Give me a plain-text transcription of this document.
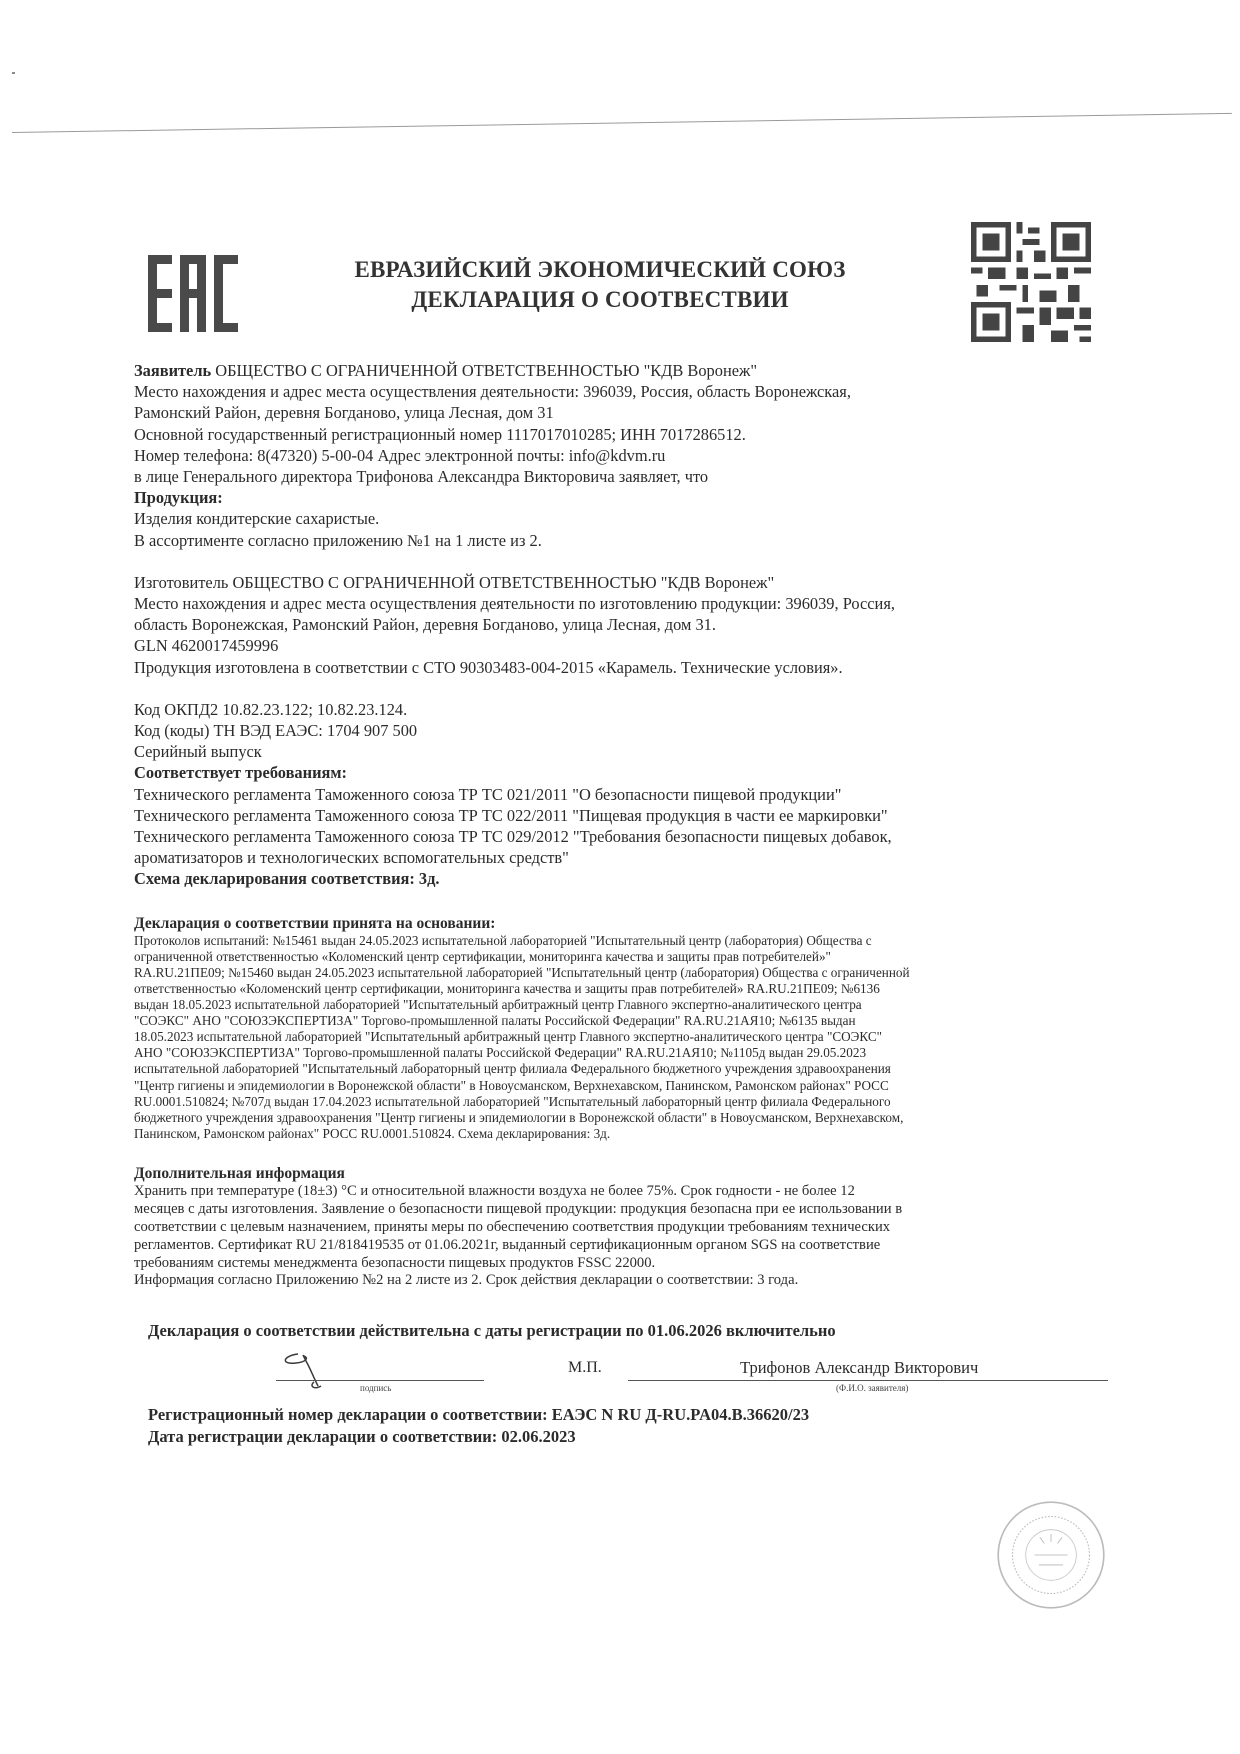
ЕВРАЗИЙСКИЙ ЭКОНОМИЧЕСКИЙ СОЮЗ
ДЕКЛАРАЦИЯ О СООТВЕСТВИИ
Заявитель ОБЩЕСТВО С ОГРАНИЧЕННОЙ ОТВЕТСТВЕННОСТЬЮ "КДВ Воронеж"
Место нахождения и адрес места осуществления деятельности: 396039, Россия, область Воронежская,
Рамонский Район, деревня Богданово, улица Лесная, дом 31
Основной государственный регистрационный номер 1117017010285; ИНН 7017286512.
Номер телефона: 8(47320) 5-00-04 Адрес электронной почты: info@kdvm.ru
в лице Генерального директора Трифонова Александра Викторовича заявляет, что
Продукция:
Изделия кондитерские сахаристые.
В ассортименте согласно приложению №1 на 1 листе из 2.
Изготовитель ОБЩЕСТВО С ОГРАНИЧЕННОЙ ОТВЕТСТВЕННОСТЬЮ "КДВ Воронеж"
Место нахождения и адрес места осуществления деятельности по изготовлению продукции: 396039, Россия,
область Воронежская, Рамонский Район, деревня Богданово, улица Лесная, дом 31.
GLN 4620017459996
Продукция изготовлена в соответствии с СТО 90303483-004-2015 «Карамель. Технические условия».
Код ОКПД2 10.82.23.122; 10.82.23.124.
Код (коды) ТН ВЭД ЕАЭС: 1704 907 500
Серийный выпуск
Соответствует требованиям:
Технического регламента Таможенного союза ТР ТС 021/2011 "О безопасности пищевой продукции"
Технического регламента Таможенного союза ТР ТС 022/2011 "Пищевая продукция в части ее маркировки"
Технического регламента Таможенного союза ТР ТС 029/2012 "Требования безопасности пищевых добавок,
ароматизаторов и технологических вспомогательных средств"
Схема декларирования соответствия: 3д.
Декларация о соответствии принята на основании:
Протоколов испытаний: №15461 выдан 24.05.2023 испытательной лабораторией "Испытательный центр (лаборатория) Общества с
ограниченной ответственностью «Коломенский центр сертификации, мониторинга качества и защиты прав потребителей»"
RA.RU.21ПЕ09; №15460 выдан 24.05.2023 испытательной лабораторией "Испытательный центр (лаборатория) Общества с ограниченной
ответственностью «Коломенский центр сертификации, мониторинга качества и защиты прав потребителей» RA.RU.21ПЕ09; №6136
выдан 18.05.2023 испытательной лабораторией "Испытательный арбитражный центр Главного экспертно-аналитического центра
"СОЭКС" АНО "СОЮЗЭКСПЕРТИЗА" Торгово-промышленной палаты Российской Федерации" RA.RU.21АЯ10; №6135 выдан
18.05.2023 испытательной лабораторией "Испытательный арбитражный центр Главного экспертно-аналитического центра "СОЭКС"
АНО "СОЮЗЭКСПЕРТИЗА" Торгово-промышленной палаты Российской Федерации" RA.RU.21АЯ10; №1105д выдан 29.05.2023
испытательной лабораторией "Испытательный лабораторный центр филиала Федерального бюджетного учреждения здравоохранения
"Центр гигиены и эпидемиологии в Воронежской области" в Новоусманском, Верхнехавском, Панинском, Рамонском районах" РОСС
RU.0001.510824; №707д выдан 17.04.2023 испытательной лабораторией "Испытательный лабораторный центр филиала Федерального
бюджетного учреждения здравоохранения "Центр гигиены и эпидемиологии в Воронежской области" в Новоусманском, Верхнехавском,
Панинском, Рамонском районах" РОСС RU.0001.510824. Схема декларирования: 3д.
Дополнительная информация
Хранить при температуре (18±3) °С и относительной влажности воздуха не более 75%. Срок годности - не более 12
месяцев с даты изготовления. Заявление о безопасности пищевой продукции: продукция безопасна при ее использовании в
соответствии с целевым назначением, приняты меры по обеспечению соответствия продукции требованиям технических
регламентов. Сертификат RU 21/818419535 от 01.06.2021г, выданный сертификационным органом SGS на соответствие
требованиям системы менеджмента безопасности пищевых продуктов FSSC 22000.
Информация согласно Приложению №2 на 2 листе из 2. Срок действия декларации о соответствии: 3 года.
Декларация о соответствии действительна с даты регистрации по 01.06.2026 включительно
подпись
М.П.	Трифонов Александр Викторович
(Ф.И.О. заявителя)
Регистрационный номер декларации о соответствии: ЕАЭС N RU Д-RU.PA04.B.36620/23
Дата регистрации декларации о соответствии: 02.06.2023
